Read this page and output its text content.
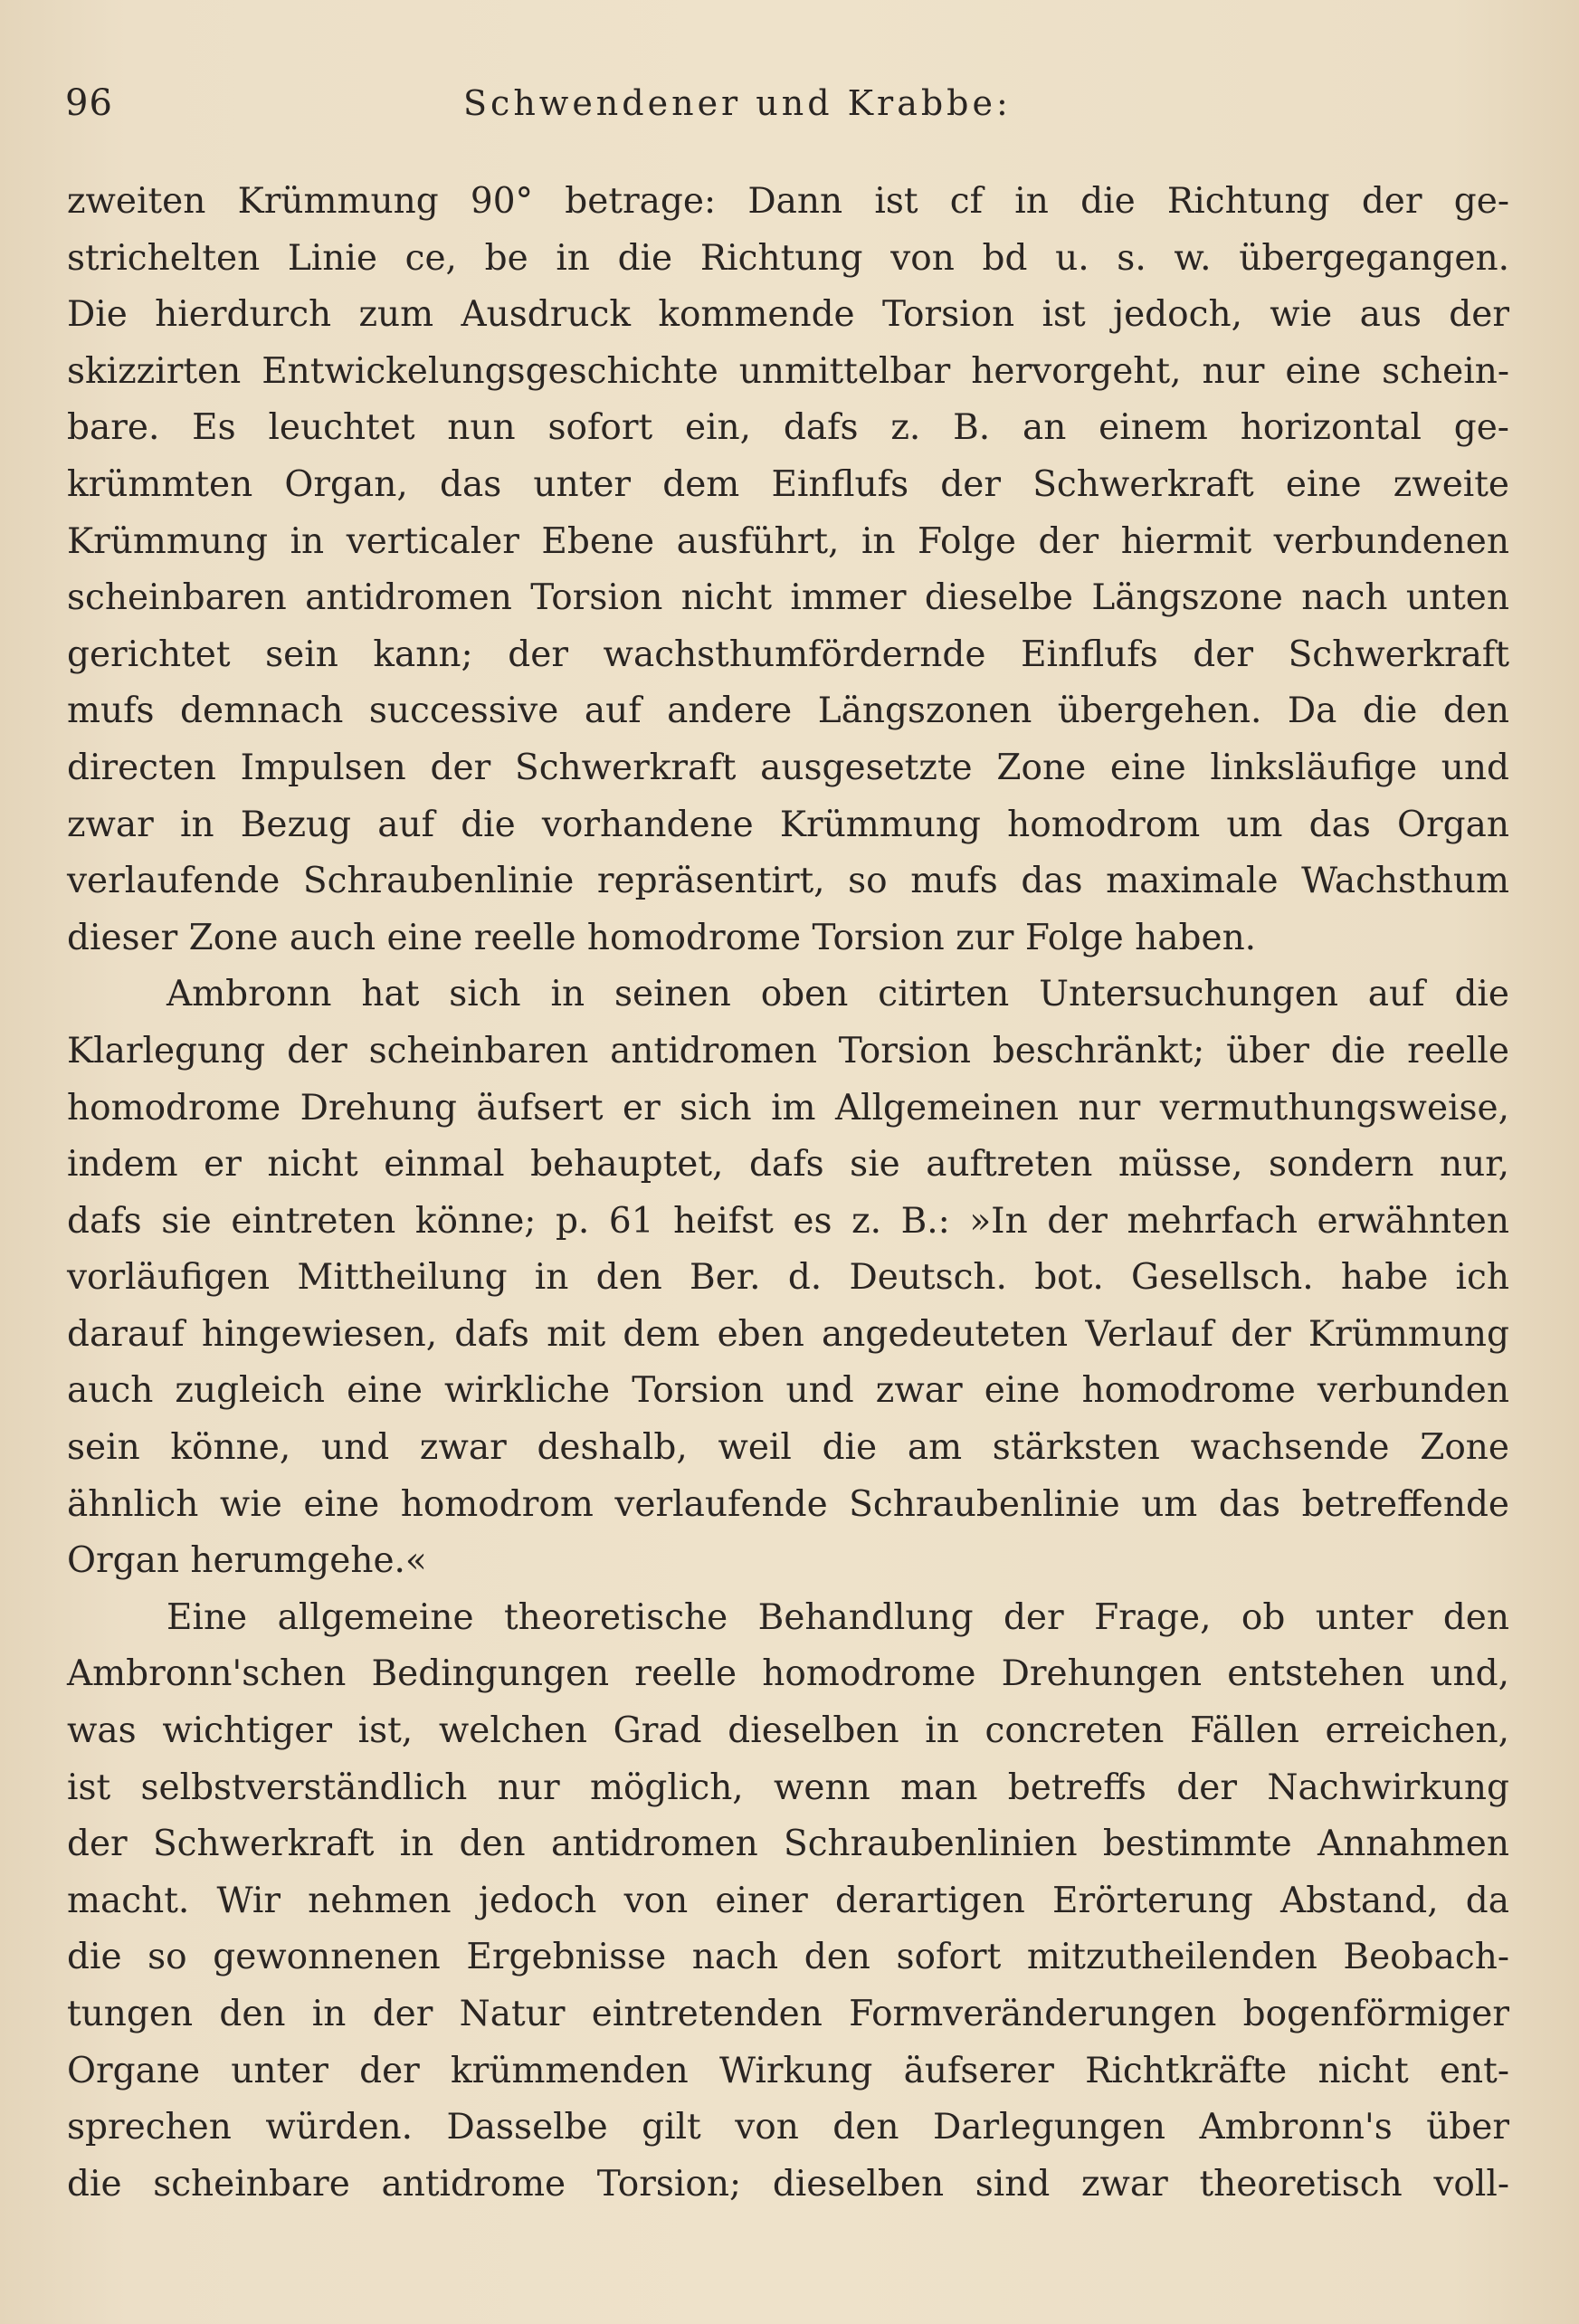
96	Schwendener und Krabbe:
zweiten Krümmung 90° betrage: Dann ist cf in die Richtung der ge-
strichelten Linie ce, be in die Richtung von bd u. s. w. übergegangen.
Die hierdurch zum Ausdruck kommende Torsion ist jedoch, wie aus der
skizzirten Entwickelungsgeschichte unmittelbar hervorgeht, nur eine schein-
bare. Es leuchtet nun sofort ein, dafs z. B. an einem horizontal ge-
krümmten Organ, das unter dem Einflufs der Schwerkraft eine zweite
Krümmung in verticaler Ebene ausführt, in Folge der hiermit verbundenen
scheinbaren antidromen Torsion nicht immer dieselbe Längszone nach unten
gerichtet sein kann; der wachsthumfördernde Einflufs der Schwerkraft
mufs demnach successive auf andere Längszonen übergehen. Da die den
directen Impulsen der Schwerkraft ausgesetzte Zone eine linksläufige und
zwar in Bezug auf die vorhandene Krümmung homodrom um das Organ
verlaufende Schraubenlinie repräsentirt, so mufs das maximale Wachsthum
dieser Zone auch eine reelle homodrome Torsion zur Folge haben.
Ambronn hat sich in seinen oben citirten Untersuchungen auf die
Klarlegung der scheinbaren antidromen Torsion beschränkt; über die reelle
homodrome Drehung äufsert er sich im Allgemeinen nur vermuthungsweise,
indem er nicht einmal behauptet, dafs sie auftreten müsse, sondern nur,
dafs sie eintreten könne; p. 61 heifst es z. B.: »In der mehrfach erwähnten
vorläufigen Mittheilung in den Ber. d. Deutsch. bot. Gesellsch. habe ich
darauf hingewiesen, dafs mit dem eben angedeuteten Verlauf der Krümmung
auch zugleich eine wirkliche Torsion und zwar eine homodrome verbunden
sein könne, und zwar deshalb, weil die am stärksten wachsende Zone
ähnlich wie eine homodrom verlaufende Schraubenlinie um das betreffende
Organ herumgehe.«
Eine allgemeine theoretische Behandlung der Frage, ob unter den
Ambronn'schen Bedingungen reelle homodrome Drehungen entstehen und,
was wichtiger ist, welchen Grad dieselben in concreten Fällen erreichen,
ist selbstverständlich nur möglich, wenn man betreffs der Nachwirkung
der Schwerkraft in den antidromen Schraubenlinien bestimmte Annahmen
macht. Wir nehmen jedoch von einer derartigen Erörterung Abstand, da
die so gewonnenen Ergebnisse nach den sofort mitzutheilenden Beobach-
tungen den in der Natur eintretenden Formveränderungen bogenförmiger
Organe unter der krümmenden Wirkung äufserer Richtkräfte nicht ent-
sprechen würden. Dasselbe gilt von den Darlegungen Ambronn's über
die scheinbare antidrome Torsion; dieselben sind zwar theoretisch voll-
